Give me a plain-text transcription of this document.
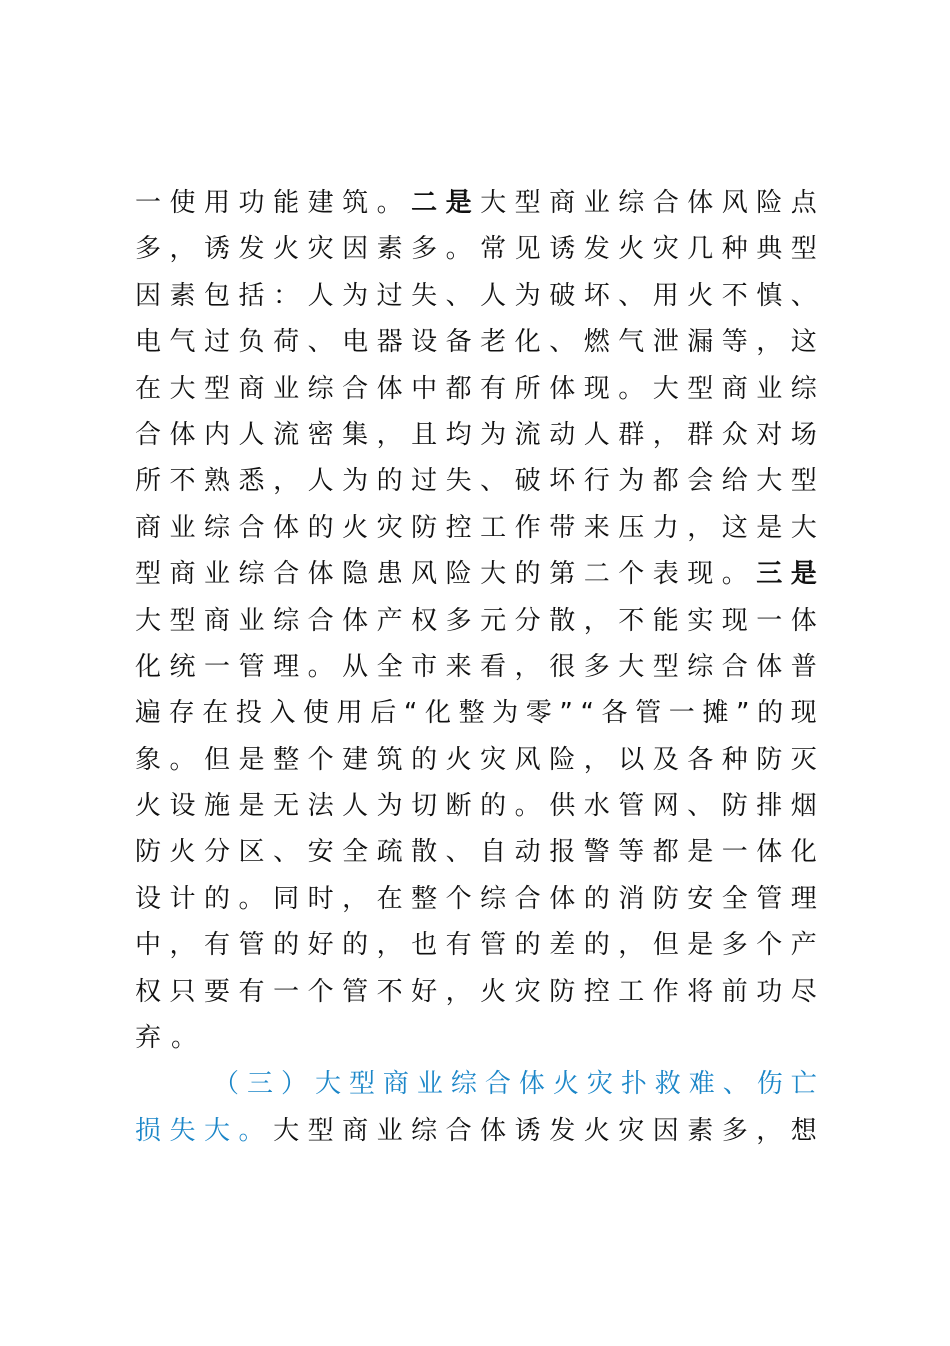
一 使 用 功 能 建 筑 。 二 是 大 型 商 业 综 合 体 风 险 点
多 ， 诱 发 火 灾 因 素 多 。 常 见 诱 发 火 灾 几 种 典 型
因 素 包 括 ： 人 为 过 失 、 人 为 破 坏 、 用 火 不 慎 、
电 气 过 负 荷 、 电 器 设 备 老 化 、 燃 气 泄 漏 等 ， 这
在 大 型 商 业 综 合 体 中 都 有 所 体 现 。 大 型 商 业 综
合 体 内 人 流 密 集 ， 且 均 为 流 动 人 群 ， 群 众 对 场
所 不 熟 悉 ， 人 为 的 过 失 、 破 坏 行 为 都 会 给 大 型
商 业 综 合 体 的 火 灾 防 控 工 作 带 来 压 力 ， 这 是 大
型 商 业 综 合 体 隐 患 风 险 大 的 第 二 个 表 现 。 三 是
大 型 商 业 综 合 体 产 权 多 元 分 散 ， 不 能 实 现 一 体
化 统 一 管 理 。 从 全 市 来 看 ， 很 多 大 型 综 合 体 普
遍 存 在 投 入 使 用 后 “ 化 整 为 零 ” “ 各 管 一 摊 ” 的 现
象 。 但 是 整 个 建 筑 的 火 灾 风 险 ， 以 及 各 种 防 灭
火 设 施 是 无 法 人 为 切 断 的 。 供 水 管 网 、 防 排 烟
防 火 分 区 、 安 全 疏 散 、 自 动 报 警 等 都 是 一 体 化
设 计 的 。 同 时 ， 在 整 个 综 合 体 的 消 防 安 全 管 理
中 ， 有 管 的 好 的 ， 也 有 管 的 差 的 ， 但 是 多 个 产
权 只 要 有 一 个 管 不 好 ， 火 灾 防 控 工 作 将 前 功 尽
弃 。
（ 三 ） 大 型 商 业 综 合 体 火 灾 扑 救 难 、 伤 亡
损 失 大 。 大 型 商 业 综 合 体 诱 发 火 灾 因 素 多 ， 想
